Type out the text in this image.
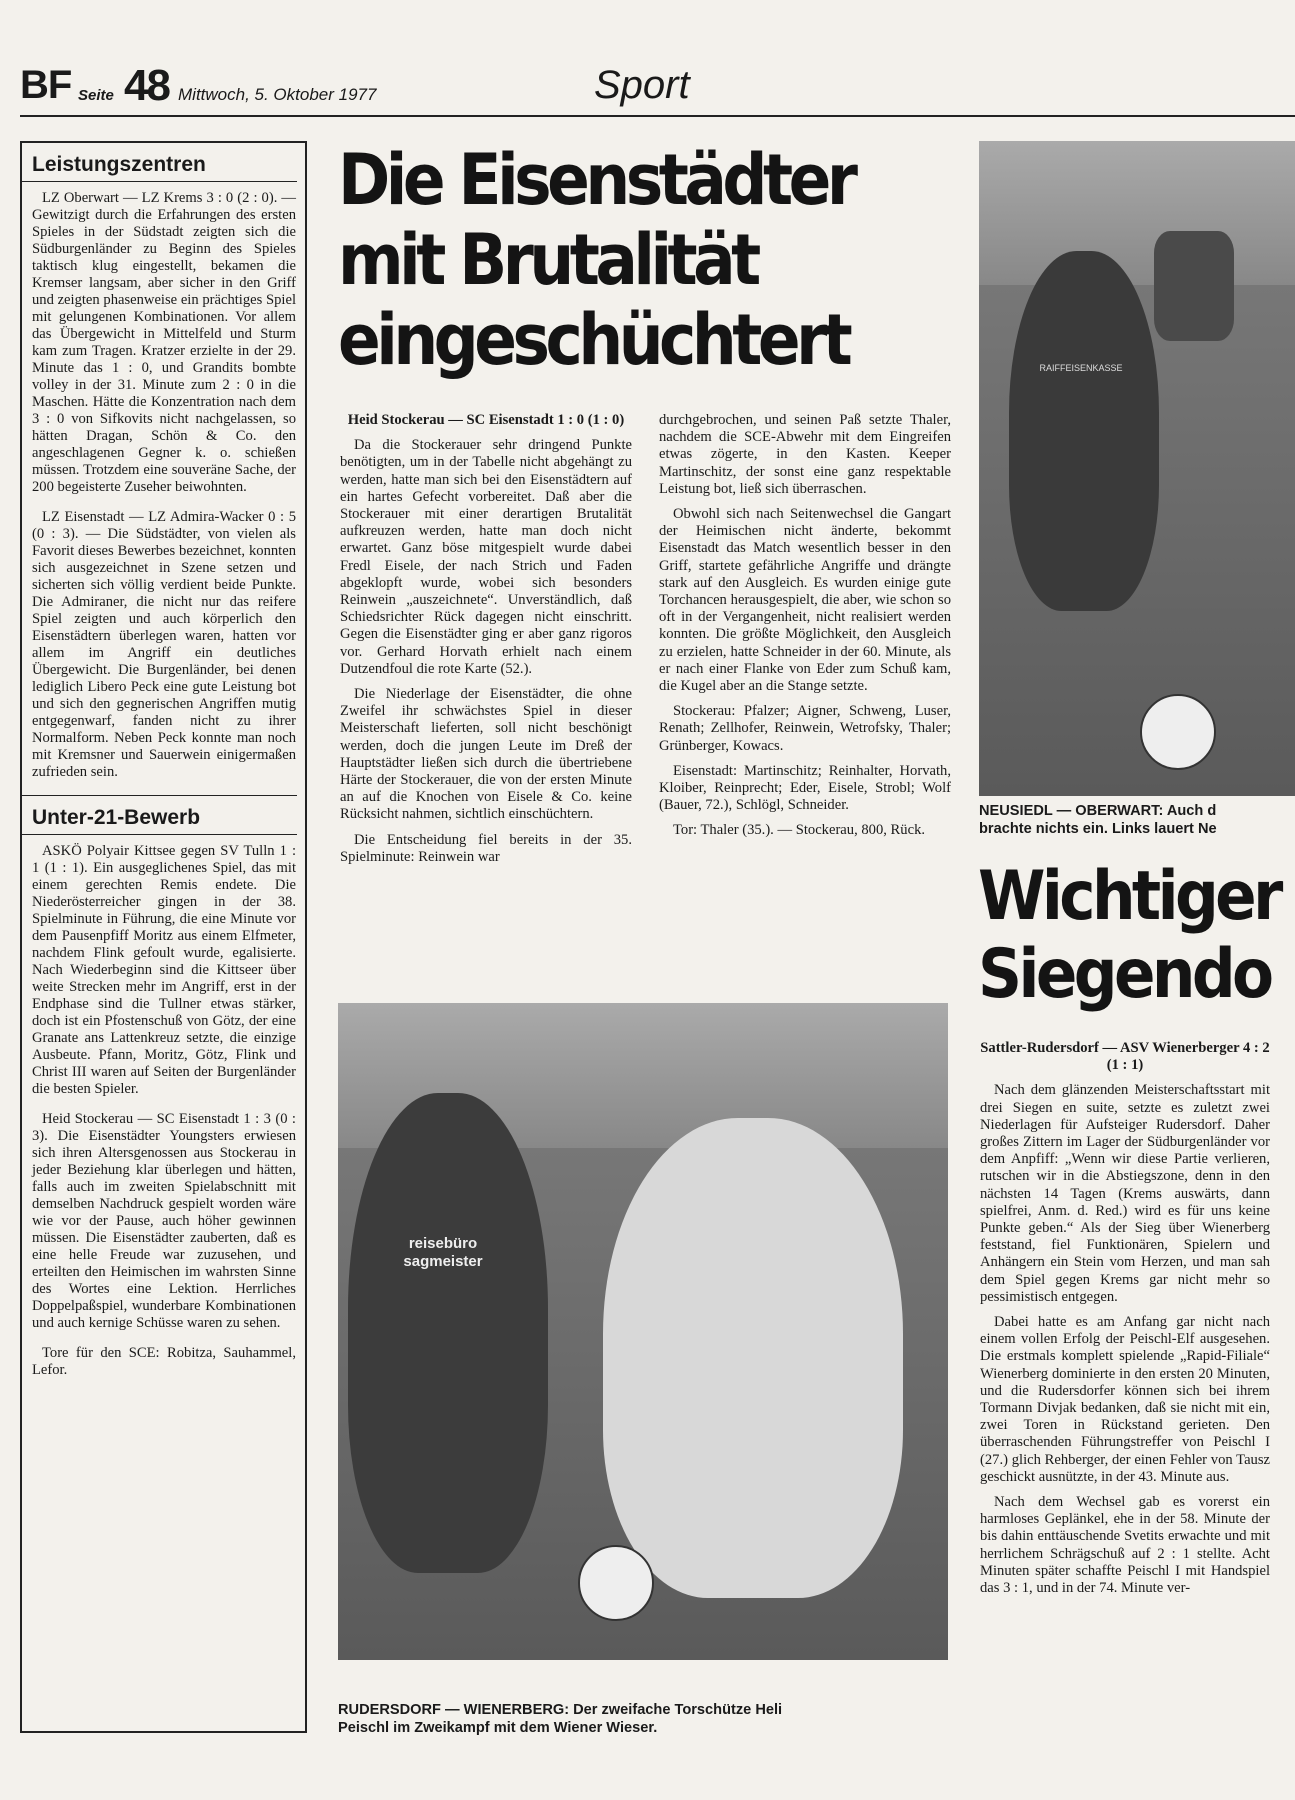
BF Seite 48 Mittwoch, 5. Oktober 1977	Sport
Leistungszentren

LZ Oberwart — LZ Krems 3 : 0 (2 : 0). — Gewitzigt durch die Erfahrungen des ersten Spieles in der Südstadt zeigten sich die Südburgenländer zu Beginn des Spieles taktisch klug eingestellt, bekamen die Kremser langsam, aber sicher in den Griff und zeigten phasenweise ein prächtiges Spiel mit gelungenen Kombinationen. Vor allem das Übergewicht in Mittelfeld und Sturm kam zum Tragen. Kratzer erzielte in der 29. Minute das 1 : 0, und Grandits bombte volley in der 31. Minute zum 2 : 0 in die Maschen. Hätte die Konzentration nach dem 3 : 0 von Sifkovits nicht nachgelassen, so hätten Dragan, Schön & Co. den angeschlagenen Gegner k. o. schießen müssen. Trotzdem eine souveräne Sache, der 200 begeisterte Zuseher beiwohnten.

LZ Eisenstadt — LZ Admira-Wacker 0 : 5 (0 : 3). — Die Südstädter, von vielen als Favorit dieses Bewerbes bezeichnet, konnten sich ausgezeichnet in Szene setzen und sicherten sich völlig verdient beide Punkte. Die Admiraner, die nicht nur das reifere Spiel zeigten und auch körperlich den Eisenstädtern überlegen waren, hatten vor allem im Angriff ein deutliches Übergewicht. Die Burgenländer, bei denen lediglich Libero Peck eine gute Leistung bot und sich den gegnerischen Angriffen mutig entgegenwarf, fanden nicht zu ihrer Normalform. Neben Peck konnte man noch mit Kremsner und Sauerwein einigermaßen zufrieden sein.

Unter-21-Bewerb

ASKÖ Polyair Kittsee gegen SV Tulln 1 : 1 (1 : 1). Ein ausgeglichenes Spiel, das mit einem gerechten Remis endete. Die Niederösterreicher gingen in der 38. Spielminute in Führung, die eine Minute vor dem Pausenpfiff Moritz aus einem Elfmeter, nachdem Flink gefoult wurde, egalisierte. Nach Wiederbeginn sind die Kittseer über weite Strecken mehr im Angriff, erst in der Endphase sind die Tullner etwas stärker, doch ist ein Pfostenschuß von Götz, der eine Granate ans Lattenkreuz setzte, die einzige Ausbeute. Pfann, Moritz, Götz, Flink und Christ III waren auf Seiten der Burgenländer die besten Spieler.

Heid Stockerau — SC Eisenstadt 1 : 3 (0 : 3). Die Eisenstädter Youngsters erwiesen sich ihren Altersgenossen aus Stockerau in jeder Beziehung klar überlegen und hätten, falls auch im zweiten Spielabschnitt mit demselben Nachdruck gespielt worden wäre wie vor der Pause, auch höher gewinnen müssen. Die Eisenstädter zauberten, daß es eine helle Freude war zuzusehen, und erteilten den Heimischen im wahrsten Sinne des Wortes eine Lektion. Herrliches Doppelpaßspiel, wunderbare Kombinationen und auch kernige Schüsse waren zu sehen.

Tore für den SCE: Robitza, Sauhammel, Lefor.

Die Eisenstädter
mit Brutalität
eingeschüchtert

Heid Stockerau — SC Eisenstadt 1 : 0 (1 : 0)

Da die Stockerauer sehr dringend Punkte benötigten, um in der Tabelle nicht abgehängt zu werden, hatte man sich bei den Eisenstädtern auf ein hartes Gefecht vorbereitet. Daß aber die Stockerauer mit einer derartigen Brutalität aufkreuzen werden, hatte man doch nicht erwartet. Ganz böse mitgespielt wurde dabei Fredl Eisele, der nach Strich und Faden abgeklopft wurde, wobei sich besonders Reinwein „auszeichnete“. Unverständlich, daß Schiedsrichter Rück dagegen nicht einschritt. Gegen die Eisenstädter ging er aber ganz rigoros vor. Gerhard Horvath erhielt nach einem Dutzendfoul die rote Karte (52.).

Die Niederlage der Eisenstädter, die ohne Zweifel ihr schwächstes Spiel in dieser Meisterschaft lieferten, soll nicht beschönigt werden, doch die jungen Leute im Dreß der Hauptstädter ließen sich durch die übertriebene Härte der Stockerauer, die von der ersten Minute an auf die Knochen von Eisele & Co. keine Rücksicht nahmen, sichtlich einschüchtern.

Die Entscheidung fiel bereits in der 35. Spielminute: Reinwein war

durchgebrochen, und seinen Paß setzte Thaler, nachdem die SCE-Abwehr mit dem Eingreifen etwas zögerte, in den Kasten. Keeper Martinschitz, der sonst eine ganz respektable Leistung bot, ließ sich überraschen.

Obwohl sich nach Seitenwechsel die Gangart der Heimischen nicht änderte, bekommt Eisenstadt das Match wesentlich besser in den Griff, startete gefährliche Angriffe und drängte stark auf den Ausgleich. Es wurden einige gute Torchancen herausgespielt, die aber, wie schon so oft in der Vergangenheit, nicht realisiert werden konnten. Die größte Möglichkeit, den Ausgleich zu erzielen, hatte Schneider in der 60. Minute, als er nach einer Flanke von Eder zum Schuß kam, die Kugel aber an die Stange setzte.

Stockerau: Pfalzer; Aigner, Schweng, Luser, Renath; Zellhofer, Reinwein, Wetrofsky, Thaler; Grünberger, Kowacs.

Eisenstadt: Martinschitz; Reinhalter, Horvath, Kloiber, Reinprecht; Eder, Eisele, Strobl; Wolf (Bauer, 72.), Schlögl, Schneider.

Tor: Thaler (35.). — Stockerau, 800, Rück.

RAIFFEISENKASSE
NEUSIEDL — OBERWART: Auch d
brachte nichts ein. Links lauert Ne
Wichtiger
Siegendo

Sattler-Rudersdorf — ASV Wienerberger 4 : 2 (1 : 1)

Nach dem glänzenden Meisterschaftsstart mit drei Siegen en suite, setzte es zuletzt zwei Niederlagen für Aufsteiger Rudersdorf. Daher großes Zittern im Lager der Südburgenländer vor dem Anpfiff: „Wenn wir diese Partie verlieren, rutschen wir in die Abstiegszone, denn in den nächsten 14 Tagen (Krems auswärts, dann spielfrei, Anm. d. Red.) wird es für uns keine Punkte geben.“ Als der Sieg über Wienerberg feststand, fiel Funktionären, Spielern und Anhängern ein Stein vom Herzen, und man sah dem Spiel gegen Krems gar nicht mehr so pessimistisch entgegen.

Dabei hatte es am Anfang gar nicht nach einem vollen Erfolg der Peischl-Elf ausgesehen. Die erstmals komplett spielende „Rapid-Filiale“ Wienerberg dominierte in den ersten 20 Minuten, und die Rudersdorfer können sich bei ihrem Tormann Divjak bedanken, daß sie nicht mit ein, zwei Toren in Rückstand gerieten. Den überraschenden Führungstreffer von Peischl I (27.) glich Rehberger, der einen Fehler von Tausz geschickt ausnützte, in der 43. Minute aus.

Nach dem Wechsel gab es vorerst ein harmloses Geplänkel, ehe in der 58. Minute der bis dahin enttäuschende Svetits erwachte und mit herrlichem Schrägschuß auf 2 : 1 stellte. Acht Minuten später schaffte Peischl I mit Handspiel das 3 : 1, und in der 74. Minute ver-

reisebüro sagmeister
RUDERSDORF — WIENERBERG: Der zweifache Torschütze Heli
Peischl im Zweikampf mit dem Wiener Wieser.
